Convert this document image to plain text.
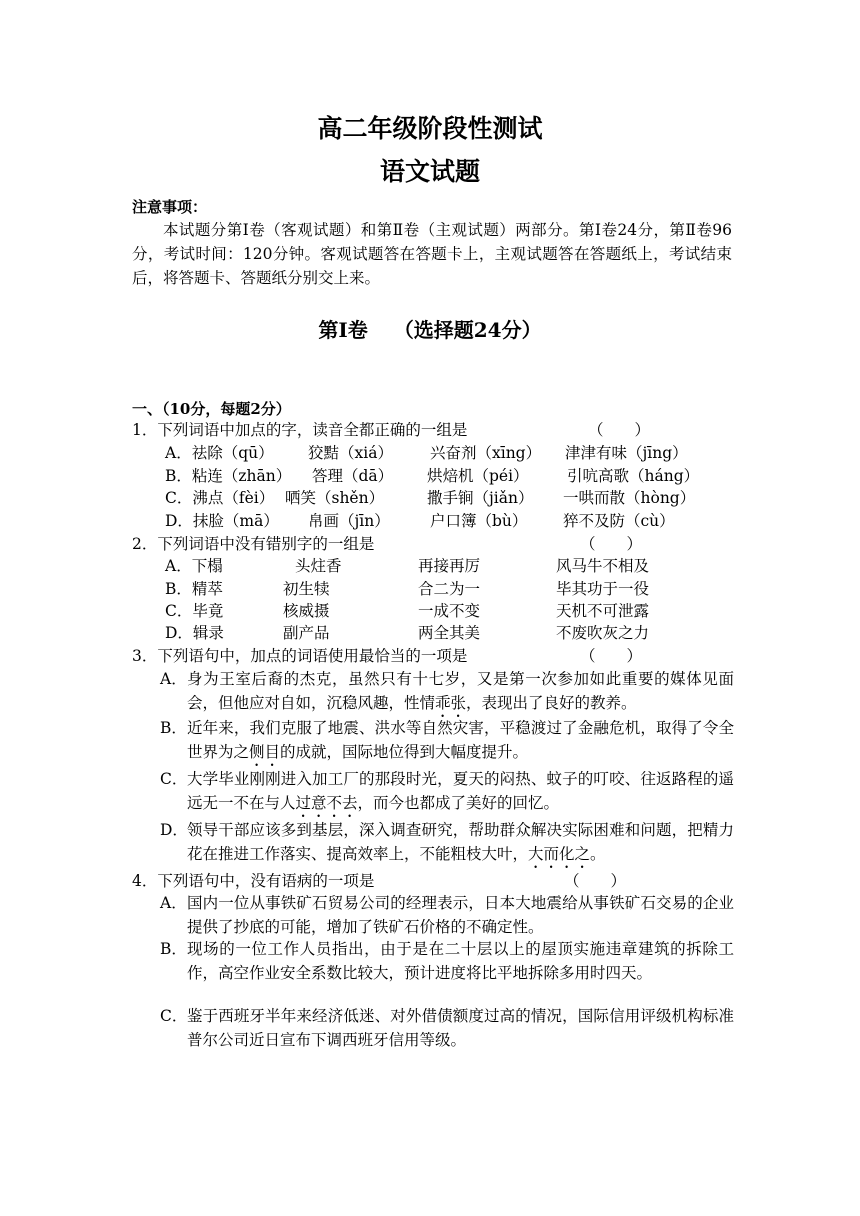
高二年级阶段性测试
语文试题
注意事项：
本试题分第Ⅰ卷（客观试题）和第Ⅱ卷（主观试题）两部分。第Ⅰ卷24分，第Ⅱ卷96分，考试时间：120分钟。客观试题答在答题卡上，主观试题答在答题纸上，考试结束后，将答题卡、答题纸分别交上来。
第Ⅰ卷 （选择题24分）
一、（10分，每题2分）
1．下列词语中加点的字，读音全都正确的一组是	（　　）
A．祛除（qū） 狡黠（xiá） 兴奋剂（xīng） 津津有味（jīng）
B．粘连（zhān） 答理（dā） 烘焙机（péi） 引吭高歌（háng）
C．沸点（fèi） 哂笑（shěn）	撒手锏（jiǎn） 一哄而散（hòng）
D．抹脸（mā） 帛画（jīn）	户口簿（bù） 猝不及防（cù）
2．下列词语中没有错别字的一组是	（　　）
A．下榻	头炷香	再接再厉	风马牛不相及
B．精萃	初生犊	合二为一	毕其功于一役
C．毕竟	核威摄	一成不变	天机不可泄露
D．辑录	副产品	两全其美	不废吹灰之力
3．下列语句中，加点的词语使用最恰当的一项是	（　　）
A． 身为王室后裔的杰克，虽然只有十七岁，又是第一次参加如此重要的媒体见面会，但他应对自如，沉稳风趣，性情乖张，表现出了良好的教养。
B． 近年来，我们克服了地震、洪水等自然灾害，平稳渡过了金融危机，取得了令全世界为之侧目的成就，国际地位得到大幅度提升。
C． 大学毕业刚刚进入加工厂的那段时光，夏天的闷热、蚊子的叮咬、往返路程的遥远无一不在与人过意不去，而今也都成了美好的回忆。
D． 领导干部应该多到基层，深入调查研究，帮助群众解决实际困难和问题，把精力花在推进工作落实、提高效率上，不能粗枝大叶，大而化之。
4．下列语句中，没有语病的一项是	（　　）
A． 国内一位从事铁矿石贸易公司的经理表示，日本大地震给从事铁矿石交易的企业提供了抄底的可能，增加了铁矿石价格的不确定性。
B． 现场的一位工作人员指出，由于是在二十层以上的屋顶实施违章建筑的拆除工作，高空作业安全系数比较大，预计进度将比平地拆除多用时四天。
C． 鉴于西班牙半年来经济低迷、对外借债额度过高的情况，国际信用评级机构标准普尔公司近日宣布下调西班牙信用等级。
